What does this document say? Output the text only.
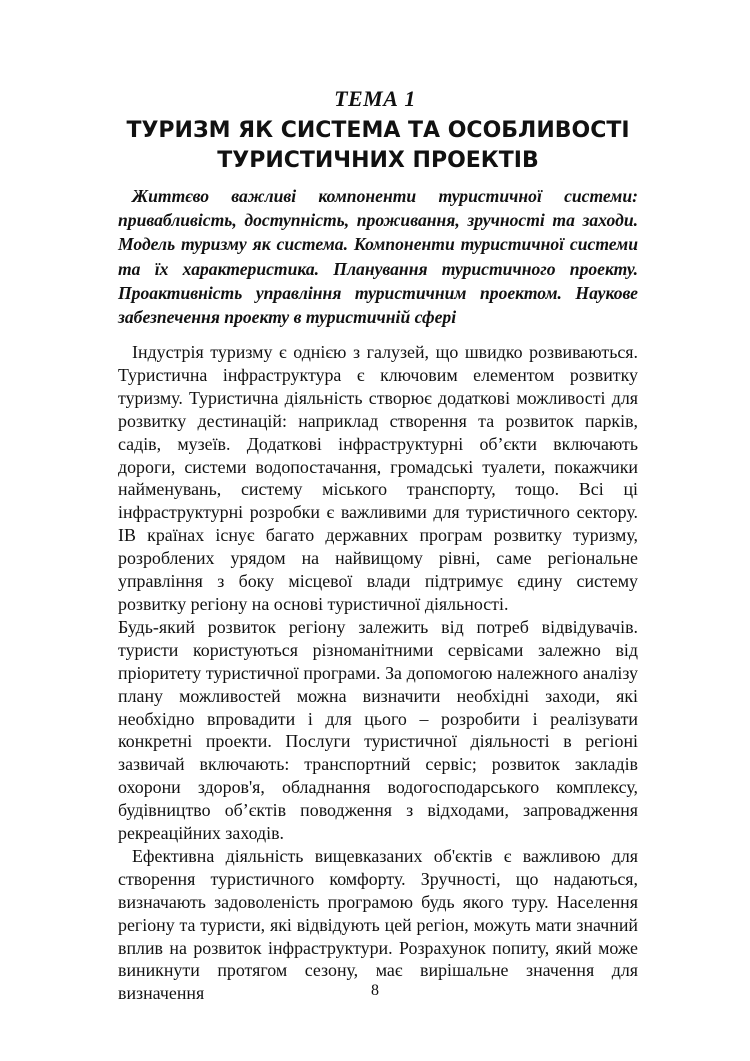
ТЕМА 1
ТУРИЗМ ЯК СИСТЕМА ТА ОСОБЛИВОСТІ ТУРИСТИЧНИХ ПРОЕКТІВ

Життєво важливі компоненти туристичної системи: привабливість, доступність, проживання, зручності та заходи. Модель туризму як система. Компоненти туристичної системи та їх характеристика. Планування туристичного проекту. Проактивність управління туристичним проектом. Наукове забезпечення проекту в туристичній сфері

Індустрія туризму є однією з галузей, що швидко розвиваються. Туристична інфраструктура є ключовим елементом розвитку туризму. Туристична діяльність створює додаткові можливості для розвитку дестинацій: наприклад створення та розвиток парків, садів, музеїв. Додаткові інфраструктурні об’єкти включають дороги, системи водопостачання, громадські туалети, покажчики найменувань, систему міського транспорту, тощо. Всі ці інфраструктурні розробки є важливими для туристичного сектору. ІВ країнах існує багато державних програм розвитку туризму, розроблених урядом на найвищому рівні, саме регіональне управління з боку місцевої влади підтримує єдину систему розвитку регіону на основі туристичної діяльності.

Будь-який розвиток регіону залежить від потреб відвідувачів. туристи користуються різноманітними сервісами залежно від пріоритету туристичної програми. За допомогою належного аналізу плану можливостей можна визначити необхідні заходи, які необхідно впровадити і для цього – розробити і реалізувати конкретні проекти. Послуги туристичної діяльності в регіоні зазвичай включають: транспортний сервіс; розвиток закладів охорони здоров'я, обладнання водогосподарського комплексу, будівництво об’єктів поводження з відходами, запровадження рекреаційних заходів.

Ефективна діяльність вищевказаних об'єктів є важливою для створення туристичного комфорту. Зручності, що надаються, визначають задоволеність програмою будь якого туру. Населення регіону та туристи, які відвідують цей регіон, можуть мати значний вплив на розвиток інфраструктури. Розрахунок попиту, який може виникнути протягом сезону, має вирішальне значення для визначення	8
